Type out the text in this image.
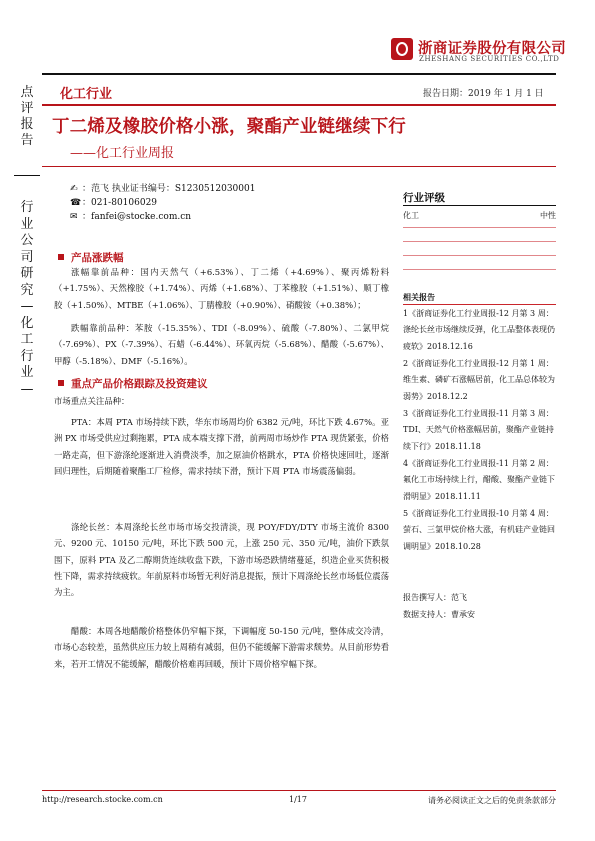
浙商证券股份有限公司
ZHESHANG SECURITIES CO.,LTD
化工行业	报告日期：2019 年 1 月 1 日
点评报告
行业公司研究—化工行业—
丁二烯及橡胶价格小涨，聚酯产业链继续下行
——化工行业周报
✍ ：范飞 执业证书编号：S1230512030001
☎：021-80106029
✉ ：fanfei@stocke.com.cn
产品涨跌幅
涨幅靠前品种：国内天然气（+6.53%）、丁二烯（+4.69%）、聚丙烯粉料（+1.75%）、天然橡胶（+1.74%）、丙烯（+1.68%）、丁苯橡胶（+1.51%）、顺丁橡胶（+1.50%）、MTBE（+1.06%）、丁腈橡胶（+0.90%）、硝酸铵（+0.38%）；
跌幅靠前品种：苯胺（-15.35%）、TDI（-8.09%）、硫酸（-7.80%）、二氯甲烷（-7.69%）、PX（-7.39%）、石蜡（-6.44%）、环氧丙烷（-5.68%）、醋酸（-5.67%）、甲醇（-5.18%）、DMF（-5.16%）。
重点产品价格跟踪及投资建议
市场重点关注品种：
PTA：本周 PTA 市场持续下跌，华东市场周均价 6382 元/吨，环比下跌 4.67%。亚洲 PX 市场受供应过剩拖累，PTA 成本端支撑下滑，前两周市场炒作 PTA 现货紧张，价格一路走高，但下游涤纶逐渐进入消费淡季，加之原油价格跳水，PTA 价格快速回吐，逐渐回归理性，后期随着聚酯工厂检修，需求持续下滑，预计下周 PTA 市场震荡偏弱。
涤纶长丝：本周涤纶长丝市场市场交投清淡，现 POY/FDY/DTY 市场主流价 8300 元、9200 元、10150 元/吨，环比下跌 500 元，上涨 250 元、350 元/吨，油价下跌氛围下，原料 PTA 及乙二醇期货连续收盘下跌，下游市场恐跌情绪蔓延，织造企业买货积极性下降，需求持续疲软。年前原料市场暂无利好消息提振，预计下周涤纶长丝市场低位震荡为主。
醋酸：本周各地醋酸价格整体仍窄幅下探，下调幅度 50-150 元/吨，整体成交冷清，市场心态较差，虽然供应压力较上周稍有减弱，但仍不能缓解下游需求颓势。从目前形势看来，若开工情况不能缓解，醋酸价格难再回暖，预计下周价格窄幅下探。
行业评级
化工	中性
相关报告
1《浙商证券化工行业周报-12 月第 3 周：涤纶长丝市场继续反弹，化工品整体表现仍疲软》2018.12.16
2《浙商证券化工行业周报-12 月第 1 周：维生素、磷矿石涨幅居前，化工品总体较为弱势》2018.12.2
3《浙商证券化工行业周报-11 月第 3 周：TDI、天然气价格涨幅居前，聚酯产业链持续下行》2018.11.18
4《浙商证券化工行业周报-11 月第 2 周：氟化工市场持续上行，醋酸、聚酯产业链下滑明显》2018.11.11
5《浙商证券化工行业周报-10 月第 4 周：萤石、三氯甲烷价格大涨，有机硅产业链回调明显》2018.10.28
报告撰写人：范飞
数据支持人：曹承安
http://research.stocke.com.cn	1/17	请务必阅读正文之后的免责条款部分
